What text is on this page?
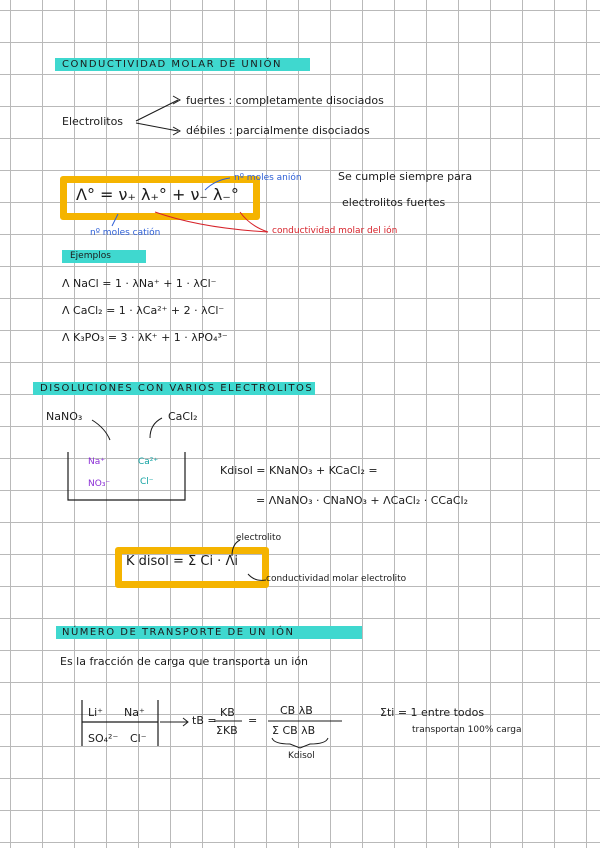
CONDUCTIVIDAD MOLAR DE UNIÓN
Electrolitos
fuertes : completamente disociados
débiles : parcialmente disociados
Λ° = ν₊ λ₊° + ν₋ λ₋°
nº moles anión
nº moles catión	conductividad molar del ión
Se cumple siempre para
electrolitos fuertes
Ejemplos
Λ NaCl = 1 · λNa⁺ + 1 · λCl⁻
Λ CaCl₂ = 1 · λCa²⁺ + 2 · λCl⁻
Λ K₃PO₃ = 3 · λK⁺ + 1 · λPO₄³⁻
DISOLUCIONES CON VARIOS ELECTROLITOS
NaNO₃	CaCl₂
Na⁺	Ca²⁺
NO₃⁻	Cl⁻
Kdisol = KNaNO₃ + KCaCl₂ =
= ΛNaNO₃ · CNaNO₃ + ΛCaCl₂ · CCaCl₂
K disol = Σ Ci · Λi
electrolito
conductividad molar electrolito
NÚMERO DE TRANSPORTE DE UN IÓN
Es la fracción de carga que transporta un ión
Li⁺ Na⁺
SO₄²⁻ Cl⁻
tB =
KB
ΣKB
=
CB λB
Σ CB λB
Kdisol
Σti = 1 entre todos
transportan 100% carga
